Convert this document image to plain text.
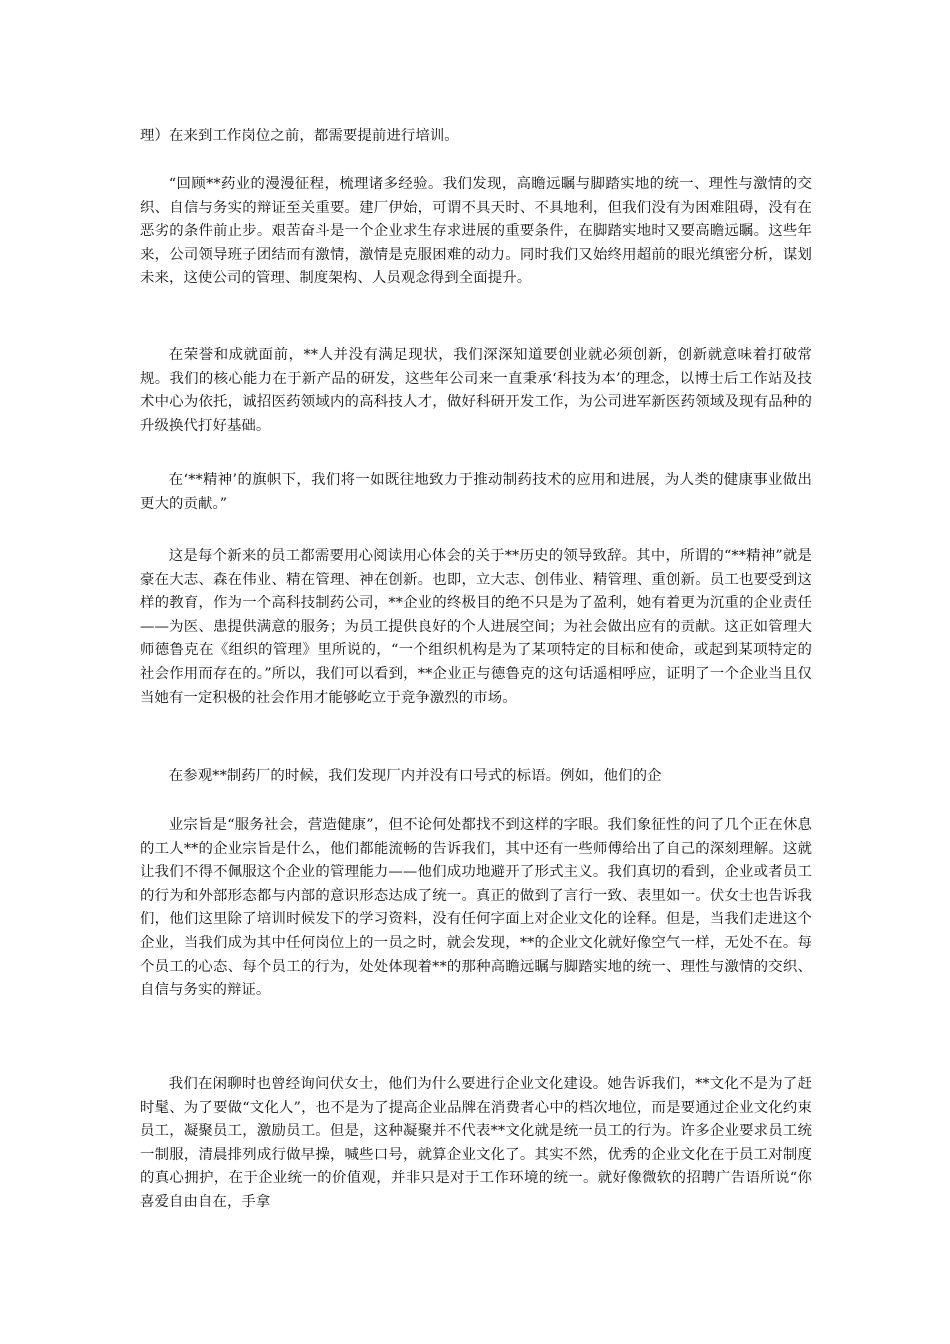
理）在来到工作岗位之前，都需要提前进行培训。

“回顾**药业的漫漫征程，梳理诸多经验。我们发现，高瞻远瞩与脚踏实地的统一、理性与激情的交织、自信与务实的辩证至关重要。建厂伊始，可谓不具天时、不具地利，但我们没有为困难阻碍，没有在恶劣的条件前止步。艰苦奋斗是一个企业求生存求进展的重要条件，在脚踏实地时又要高瞻远瞩。这些年来，公司领导班子团结而有激情，激情是克服困难的动力。同时我们又始终用超前的眼光缜密分析，谋划未来，这使公司的管理、制度架构、人员观念得到全面提升。

在荣誉和成就面前，**人并没有满足现状，我们深深知道要创业就必须创新，创新就意味着打破常规。我们的核心能力在于新产品的研发，这些年公司来一直秉承‘科技为本’的理念，以博士后工作站及技术中心为依托，诚招医药领域内的高科技人才，做好科研开发工作，为公司进军新医药领域及现有品种的升级换代打好基础。

在‘**精神’的旗帜下，我们将一如既往地致力于推动制药技术的应用和进展，为人类的健康事业做出更大的贡献。”

这是每个新来的员工都需要用心阅读用心体会的关于**历史的领导致辞。其中，所谓的“**精神”就是豪在大志、森在伟业、精在管理、神在创新。也即，立大志、创伟业、精管理、重创新。员工也要受到这样的教育，作为一个高科技制药公司，**企业的终极目的绝不只是为了盈利，她有着更为沉重的企业责任——为医、患提供满意的服务；为员工提供良好的个人进展空间；为社会做出应有的贡献。这正如管理大师德鲁克在《组织的管理》里所说的，“一个组织机构是为了某项特定的目标和使命，或起到某项特定的社会作用而存在的。”所以，我们可以看到，**企业正与德鲁克的这句话遥相呼应，证明了一个企业当且仅当她有一定积极的社会作用才能够屹立于竞争激烈的市场。

在参观**制药厂的时候，我们发现厂内并没有口号式的标语。例如，他们的企

业宗旨是“服务社会，营造健康”，但不论何处都找不到这样的字眼。我们象征性的问了几个正在休息的工人**的企业宗旨是什么，他们都能流畅的告诉我们，其中还有一些师傅给出了自己的深刻理解。这就让我们不得不佩服这个企业的管理能力——他们成功地避开了形式主义。我们真切的看到，企业或者员工的行为和外部形态都与内部的意识形态达成了统一。真正的做到了言行一致、表里如一。伏女士也告诉我们，他们这里除了培训时候发下的学习资料，没有任何字面上对企业文化的诠释。但是，当我们走进这个企业，当我们成为其中任何岗位上的一员之时，就会发现，**的企业文化就好像空气一样，无处不在。每个员工的心态、每个员工的行为，处处体现着**的那种高瞻远瞩与脚踏实地的统一、理性与激情的交织、自信与务实的辩证。

我们在闲聊时也曾经询问伏女士，他们为什么要进行企业文化建设。她告诉我们，**文化不是为了赶时髦、为了要做“文化人”，也不是为了提高企业品牌在消费者心中的档次地位，而是要通过企业文化约束员工，凝聚员工，激励员工。但是，这种凝聚并不代表**文化就是统一员工的行为。许多企业要求员工统一制服，清晨排列成行做早操，喊些口号，就算企业文化了。其实不然，优秀的企业文化在于员工对制度的真心拥护，在于企业统一的价值观，并非只是对于工作环境的统一。就好像微软的招聘广告语所说“你喜爱自由自在，手拿
